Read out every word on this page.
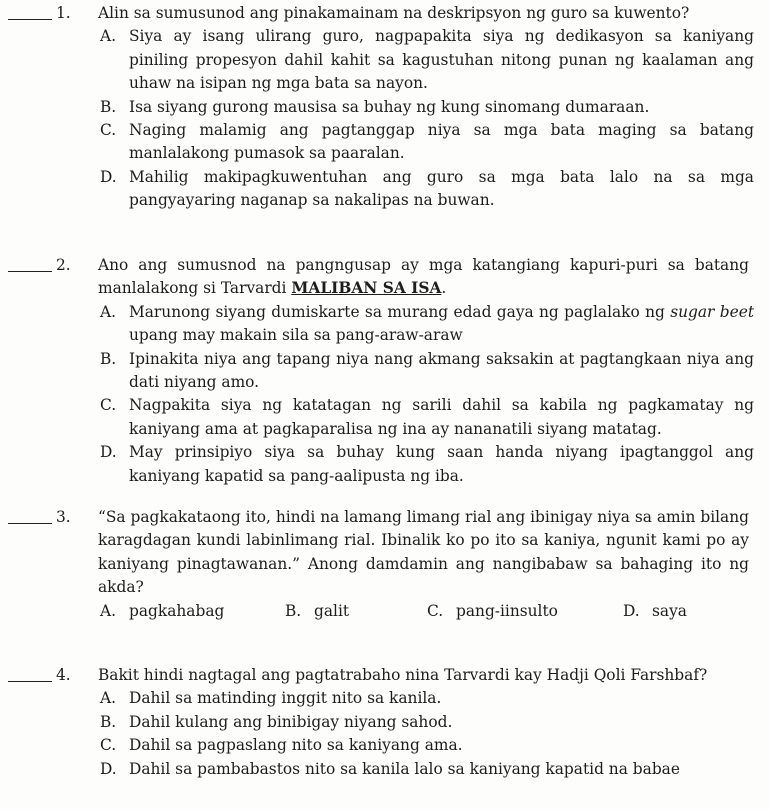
1.	Alin sa sumusunod ang pinakamainam na deskripsyon ng guro sa kuwento?
A. Siya ay isang ulirang guro, nagpapakita siya ng dedikasyon sa kaniyang piniling propesyon dahil kahit sa kagustuhan nitong punan ng kaalaman ang uhaw na isipan ng mga bata sa nayon.
B. Isa siyang gurong mausisa sa buhay ng kung sinomang dumaraan.
C. Naging malamig ang pagtanggap niya sa mga bata maging sa batang manlalakong pumasok sa paaralan.
D. Mahilig makipagkuwentuhan ang guro sa mga bata lalo na sa mga pangyayaring naganap sa nakalipas na buwan.
2.	Ano ang sumusnod na pangngusap ay mga katangiang kapuri-puri sa batang manlalakong si Tarvardi MALIBAN SA ISA.
A. Marunong siyang dumiskarte sa murang edad gaya ng paglalako ng sugar beet upang may makain sila sa pang-araw-araw
B. Ipinakita niya ang tapang niya nang akmang saksakin at pagtangkaan niya ang dati niyang amo.
C. Nagpakita siya ng katatagan ng sarili dahil sa kabila ng pagkamatay ng kaniyang ama at pagkaparalisa ng ina ay nananatili siyang matatag.
D. May prinsipiyo siya sa buhay kung saan handa niyang ipagtanggol ang kaniyang kapatid sa pang-aalipusta ng iba.
3.	“Sa pagkakataong ito, hindi na lamang limang rial ang ibinigay niya sa amin bilang karagdagan kundi labinlimang rial. Ibinalik ko po ito sa kaniya, ngunit kami po ay kaniyang pinagtawanan.” Anong damdamin ang nangibabaw sa bahaging ito ng akda?
A. pagkahabag	B. galit	C. pang-iinsulto	D. saya
4.	Bakit hindi nagtagal ang pagtatrabaho nina Tarvardi kay Hadji Qoli Farshbaf?
A. Dahil sa matinding inggit nito sa kanila.
B. Dahil kulang ang binibigay niyang sahod.
C. Dahil sa pagpaslang nito sa kaniyang ama.
D. Dahil sa pambabastos nito sa kanila lalo sa kaniyang kapatid na babae
